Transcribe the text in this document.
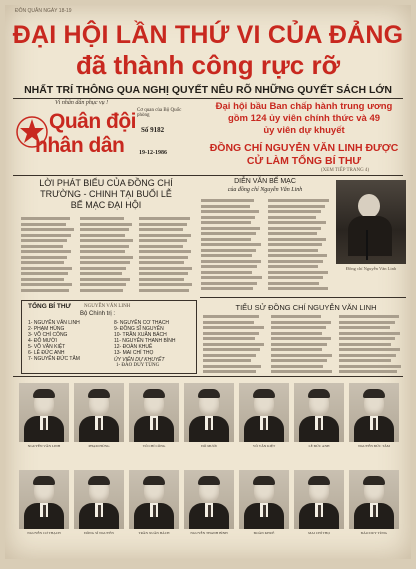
ĐÔN QUÂN NGÀY 18-19
ĐẠI HỘI LẦN THỨ VI CỦA ĐẢNG
đã thành công rực rỡ
NHẤT TRÍ THÔNG QUA NGHỊ QUYẾT NÊU RÕ NHỮNG QUYẾT SÁCH LỚN
Vì nhân dân phục vụ !
Quân đội
nhân dân
Cơ quan của Bộ Quốc phòng
Số 9182
19-12-1986
Đại hội bầu Ban chấp hành trung ương
gồm 124 ủy viên chính thức và 49
ủy viên dự khuyết
ĐỒNG CHÍ NGUYỄN VĂN LINH ĐƯỢC
CỬ LÀM TỔNG BÍ THƯ
(XEM TIẾP TRANG 4)
LỜI PHÁT BIỂU CỦA ĐỒNG CHÍ
TRƯỜNG - CHINH TẠI BUỔI LỄ
BẾ MẠC ĐẠI HỘI
DIỄN VĂN BẾ MẠC
của đồng chí Nguyễn Văn Linh
Đồng chí Nguyễn Văn Linh
TỔNG BÍ THƯ	NGUYỄN VĂN LINH
Bộ Chính trị :
1- NGUYỄN VĂN LINH
2- PHẠM HÙNG
3- VÕ CHÍ CÔNG
4- ĐỖ MƯỜI
5- VÕ VĂN KIỆT
6- LÊ ĐỨC ANH
7- NGUYỄN ĐỨC TÂM
8- NGUYỄN CƠ THẠCH
9- ĐỒNG SĨ NGUYÊN
10- TRẦN XUÂN BÁCH
11- NGUYỄN THANH BÌNH
12- ĐOÀN KHUÊ
13- MAI CHÍ THỌ
ỦY VIÊN DỰ KHUYẾT
1- ĐÀO DUY TÙNG
TIỂU SỬ ĐỒNG CHÍ NGUYỄN VĂN LINH
NGUYỄN VĂN LINH	PHẠM HÙNG	VÕ CHÍ CÔNG	ĐỖ MƯỜI	VÕ VĂN KIỆT	LÊ ĐỨC ANH	NGUYỄN ĐỨC TÂM
NGUYỄN CƠ THẠCH	ĐỒNG SĨ NGUYÊN	TRẦN XUÂN BÁCH	NGUYỄN THANH BÌNH	ĐOÀN KHUÊ	MAI CHÍ THỌ	ĐÀO DUY TÙNG
